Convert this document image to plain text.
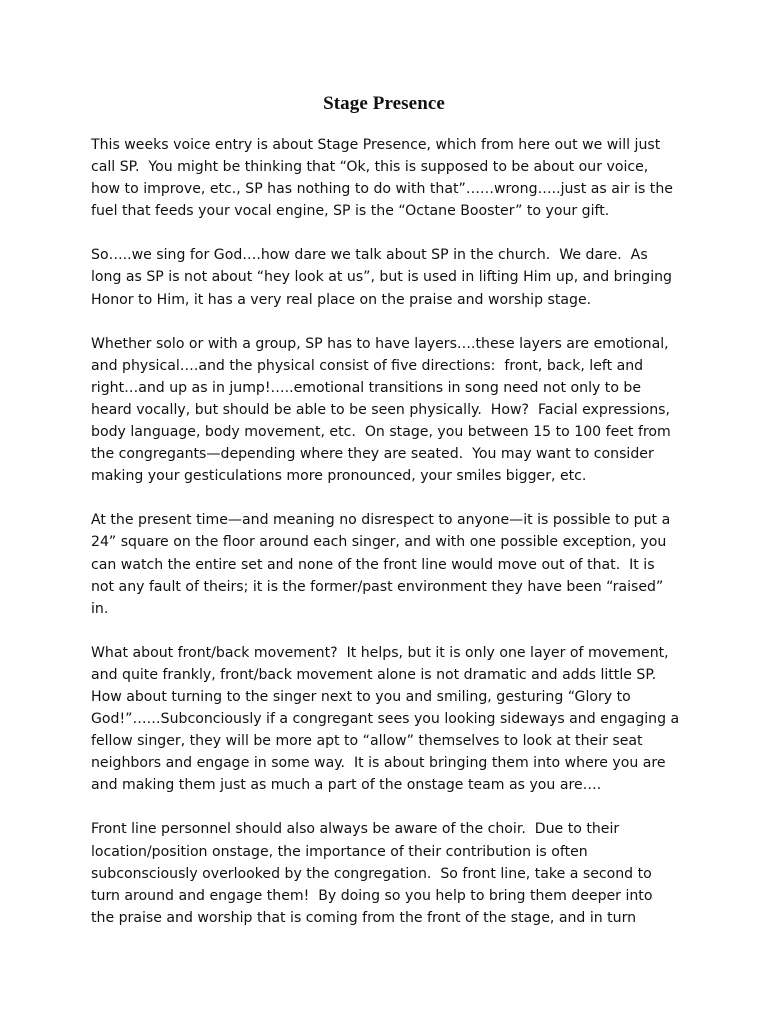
Stage Presence
This weeks voice entry is about Stage Presence, which from here out we will just
call SP.  You might be thinking that “Ok, this is supposed to be about our voice,
how to improve, etc., SP has nothing to do with that”……wrong…..just as air is the
fuel that feeds your vocal engine, SP is the “Octane Booster” to your gift.
So…..we sing for God….how dare we talk about SP in the church.  We dare.  As
long as SP is not about “hey look at us”, but is used in lifting Him up, and bringing
Honor to Him, it has a very real place on the praise and worship stage.
Whether solo or with a group, SP has to have layers….these layers are emotional,
and physical….and the physical consist of five directions:  front, back, left and
right…and up as in jump!…..emotional transitions in song need not only to be
heard vocally, but should be able to be seen physically.  How?  Facial expressions,
body language, body movement, etc.  On stage, you between 15 to 100 feet from
the congregants—depending where they are seated.  You may want to consider
making your gesticulations more pronounced, your smiles bigger, etc.
At the present time—and meaning no disrespect to anyone—it is possible to put a
24” square on the floor around each singer, and with one possible exception, you
can watch the entire set and none of the front line would move out of that.  It is
not any fault of theirs; it is the former/past environment they have been “raised”
in.
What about front/back movement?  It helps, but it is only one layer of movement,
and quite frankly, front/back movement alone is not dramatic and adds little SP.
How about turning to the singer next to you and smiling, gesturing “Glory to
God!”……Subconciously if a congregant sees you looking sideways and engaging a
fellow singer, they will be more apt to “allow” themselves to look at their seat
neighbors and engage in some way.  It is about bringing them into where you are
and making them just as much a part of the onstage team as you are….
Front line personnel should also always be aware of the choir.  Due to their
location/position onstage, the importance of their contribution is often
subconsciously overlooked by the congregation.  So front line, take a second to
turn around and engage them!  By doing so you help to bring them deeper into
the praise and worship that is coming from the front of the stage, and in turn
